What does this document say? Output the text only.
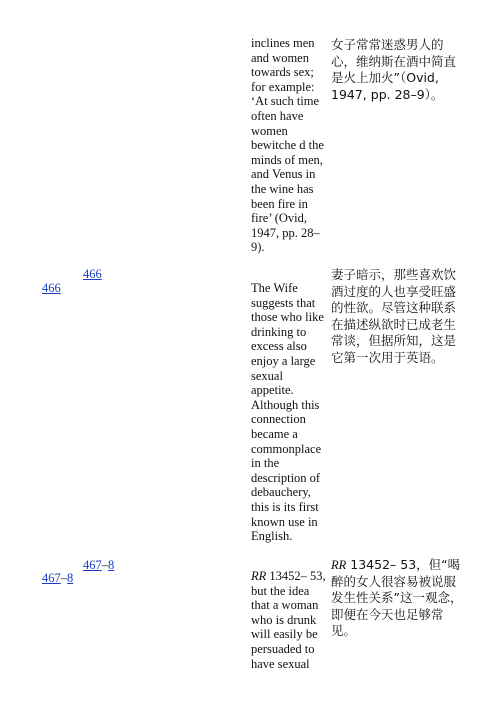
inclines men and women towards sex; for example: ‘At such time often have women bewitche d the minds of men, and Venus in the wine has been fire in fire’ (Ovid, 1947, pp. 28–9).
女子常常迷惑男人的心，维纳斯在酒中简直是火上加火”（Ovid, 1947, pp. 28–9）。
466
466	The Wife suggests that those who like drinking to excess also enjoy a large sexual appetite. Although this connection became a commonplace in the description of debauchery, this is its first known use in English.
妻子暗示，那些喜欢饮酒过度的人也享受旺盛的性欲。尽管这种联系在描述纵欲时已成老生常谈，但据所知，这是它第一次用于英语。
467–8
467–8	RR 13452– 53, but the idea that a woman who is drunk will easily be persuaded to have sexual
RR 13452– 53，但“喝醉的女人很容易被说服发生性关系”这一观念，即便在今天也足够常见。
